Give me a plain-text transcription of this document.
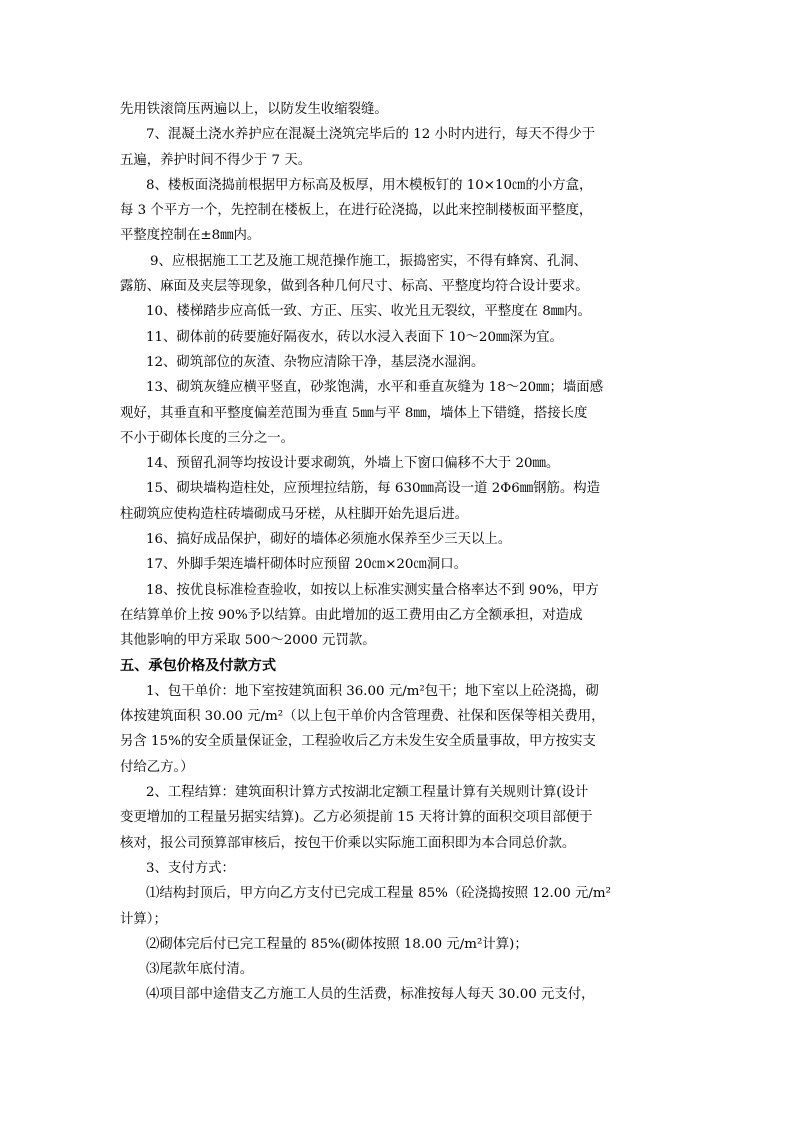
先用铁滚筒压两遍以上，以防发生收缩裂缝。
7、混凝土浇水养护应在混凝土浇筑完毕后的 12 小时内进行，每天不得少于
五遍，养护时间不得少于 7 天。
8、楼板面浇捣前根据甲方标高及板厚，用木模板钉的 10×10㎝的小方盒，
每 3 个平方一个，先控制在楼板上，在进行砼浇捣，以此来控制楼板面平整度，
平整度控制在±8㎜内。
9、应根据施工工艺及施工规范操作施工，振捣密实，不得有蜂窝、孔洞、
露筋、麻面及夹层等现象，做到各种几何尺寸、标高、平整度均符合设计要求。
10、楼梯踏步应高低一致、方正、压实、收光且无裂纹，平整度在 8㎜内。
11、砌体前的砖要施好隔夜水，砖以水浸入表面下 10～20㎜深为宜。
12、砌筑部位的灰渣、杂物应清除干净，基层浇水湿润。
13、砌筑灰缝应横平竖直，砂浆饱满，水平和垂直灰缝为 18～20㎜；墙面感
观好，其垂直和平整度偏差范围为垂直 5㎜与平 8㎜，墙体上下错缝，搭接长度
不小于砌体长度的三分之一。
14、预留孔洞等均按设计要求砌筑，外墙上下窗口偏移不大于 20㎜。
15、砌块墙构造柱处，应预埋拉结筋，每 630㎜高设一道 2Φ6㎜钢筋。构造
柱砌筑应使构造柱砖墙砌成马牙槎，从柱脚开始先退后进。
16、搞好成品保护，砌好的墙体必须施水保养至少三天以上。
17、外脚手架连墙杆砌体时应预留 20㎝×20㎝洞口。
18、按优良标准检查验收，如按以上标准实测实量合格率达不到 90%，甲方
在结算单价上按 90%予以结算。由此增加的返工费用由乙方全额承担，对造成
其他影响的甲方采取 500～2000 元罚款。
五、承包价格及付款方式
1、包干单价：地下室按建筑面积 36.00 元/m²包干；地下室以上砼浇捣，砌
体按建筑面积 30.00 元/m²（以上包干单价内含管理费、社保和医保等相关费用，
另含 15%的安全质量保证金，工程验收后乙方未发生安全质量事故，甲方按实支
付给乙方。）
2、工程结算：建筑面积计算方式按湖北定额工程量计算有关规则计算(设计
变更增加的工程量另据实结算)。乙方必须提前 15 天将计算的面积交项目部便于
核对，报公司预算部审核后，按包干价乘以实际施工面积即为本合同总价款。
3、支付方式：
⑴结构封顶后，甲方向乙方支付已完成工程量 85%（砼浇捣按照 12.00 元/m²
计算）；
⑵砌体完后付已完工程量的 85%(砌体按照 18.00 元/m²计算)；
⑶尾款年底付清。
⑷项目部中途借支乙方施工人员的生活费，标准按每人每天 30.00 元支付，
